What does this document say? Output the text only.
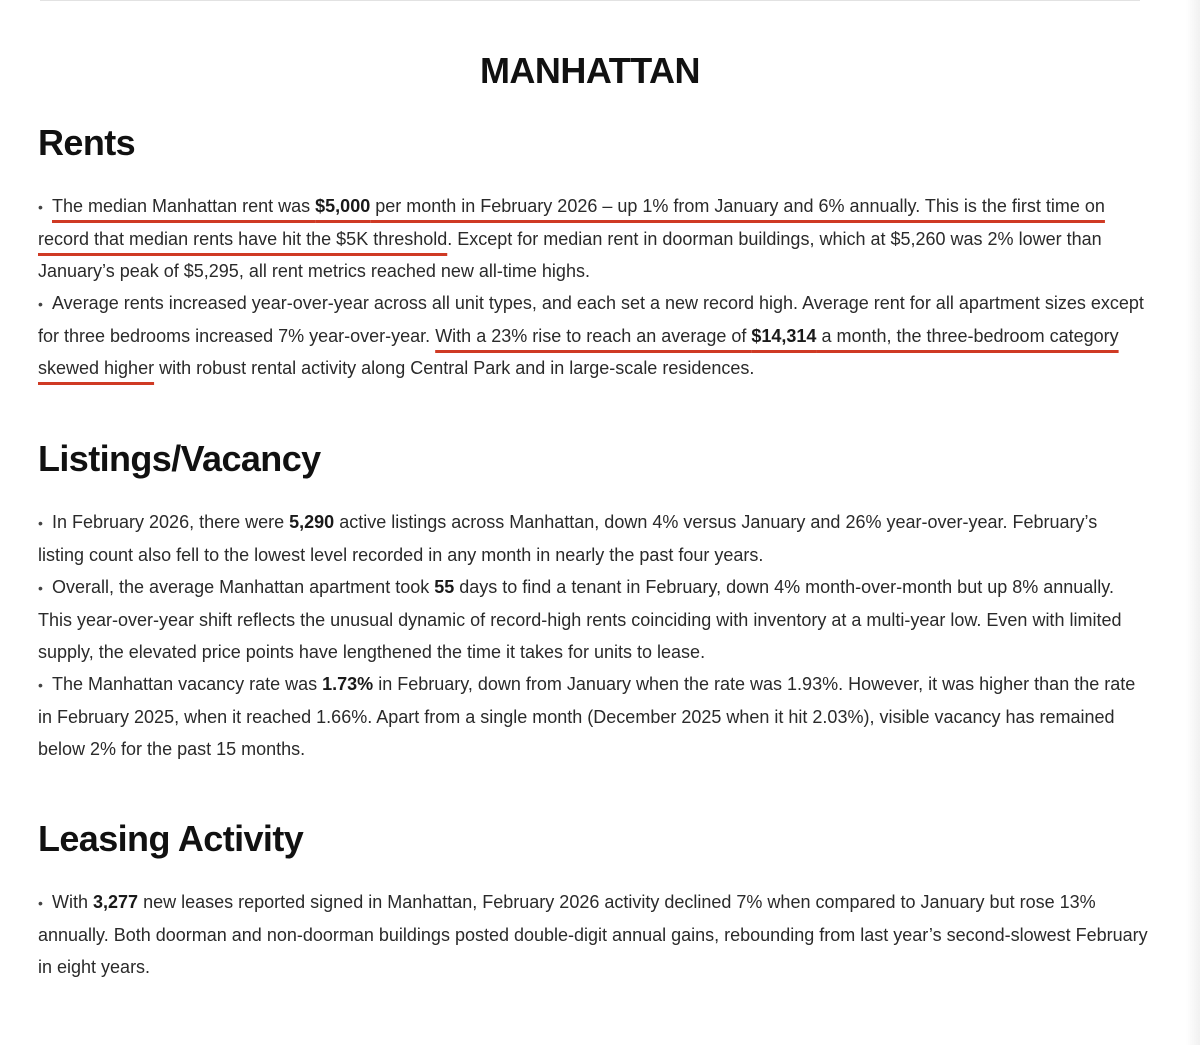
MANHATTAN
Rents

• The median Manhattan rent was $5,000 per month in February 2026 – up 1% from January and 6% annually. This is the first time on record that median rents have hit the $5K threshold. Except for median rent in doorman buildings, which at $5,260 was 2% lower than January’s peak of $5,295, all rent metrics reached new all-time highs.

• Average rents increased year-over-year across all unit types, and each set a new record high. Average rent for all apartment sizes except for three bedrooms increased 7% year-over-year. With a 23% rise to reach an average of $14,314 a month, the three-bedroom category skewed higher with robust rental activity along Central Park and in large-scale residences.

Listings/Vacancy

• In February 2026, there were 5,290 active listings across Manhattan, down 4% versus January and 26% year-over-year. February’s listing count also fell to the lowest level recorded in any month in nearly the past four years.

• Overall, the average Manhattan apartment took 55 days to find a tenant in February, down 4% month-over-month but up 8% annually. This year-over-year shift reflects the unusual dynamic of record-high rents coinciding with inventory at a multi-year low. Even with limited supply, the elevated price points have lengthened the time it takes for units to lease.

• The Manhattan vacancy rate was 1.73% in February, down from January when the rate was 1.93%. However, it was higher than the rate in February 2025, when it reached 1.66%. Apart from a single month (December 2025 when it hit 2.03%), visible vacancy has remained below 2% for the past 15 months.

Leasing Activity

• With 3,277 new leases reported signed in Manhattan, February 2026 activity declined 7% when compared to January but rose 13% annually. Both doorman and non-doorman buildings posted double-digit annual gains, rebounding from last year’s second-slowest February in eight years.
